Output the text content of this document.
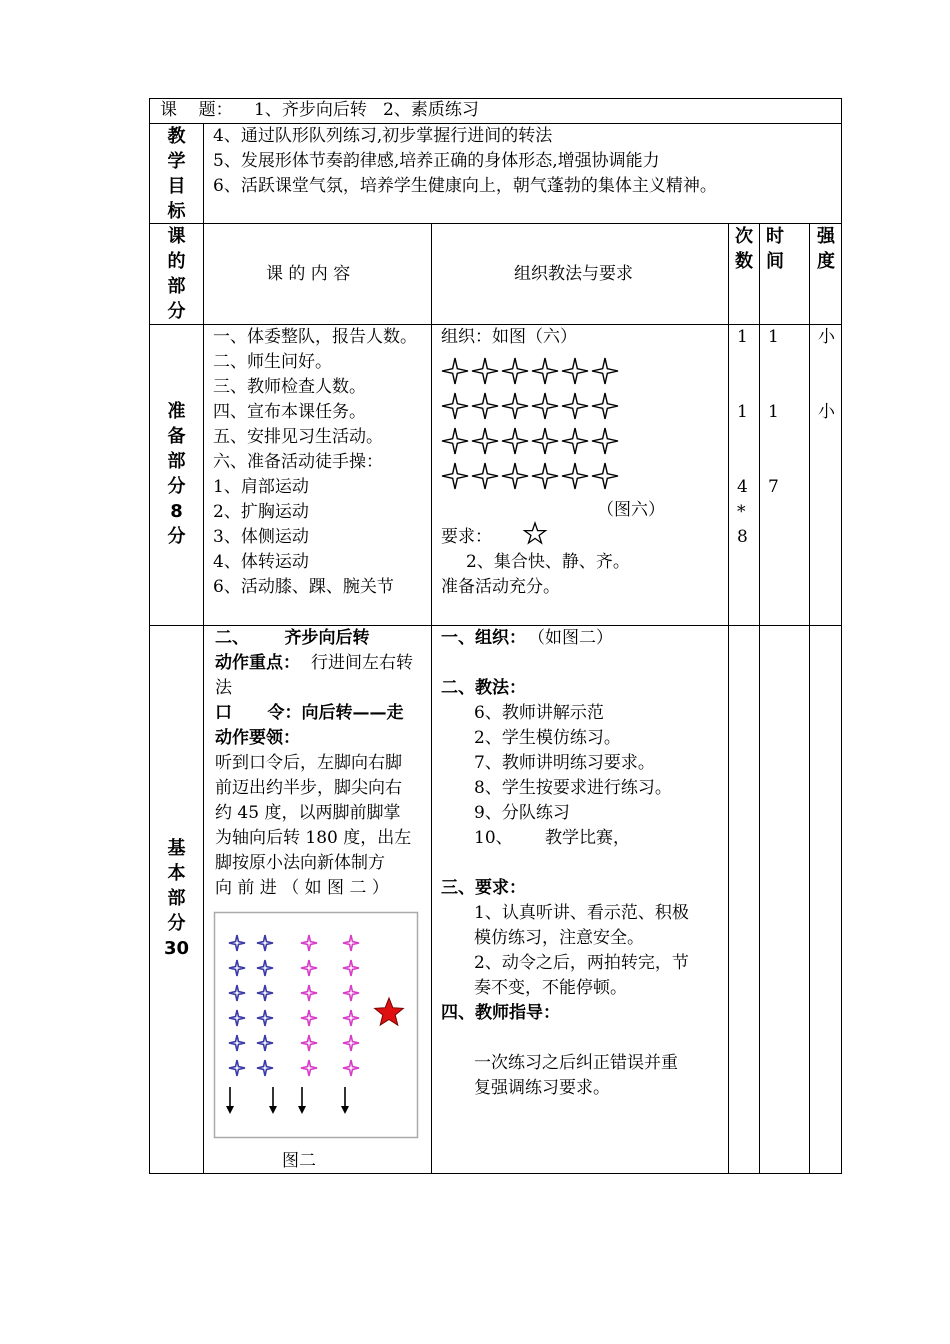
课    题： 1、齐步向后转   2、素质练习
教
学
目
标
4、通过队形队列练习,初步掌握行进间的转法
5、发展形体节奏韵律感,培养正确的身体形态,增强协调能力
6、活跃课堂气氛，培养学生健康向上，朝气蓬勃的集体主义精神。
课
的
部
分
课 的 内 容	组织教法与要求
次
数
时
间
强
度
准
备
部
分
8
分
一、体委整队，报告人数。
二、师生问好。
三、教师检查人数。
四、宣布本课任务。
五、安排见习生活动。
六、准备活动徒手操：
1、肩部运动
2、扩胸运动
3、体侧运动
4、体转运动
6、活动膝、踝、腕关节
组织：如图（六）
（图六）
要求：
2、集合快、静、齐。
准备活动充分。
1
1
4
*
8
1
1
7
小
小
基
本
部
分
30
二、      齐步向后转
动作重点： 行进间左右转
法
口      令：向后转——走
动作要领：
听到口令后，左脚向右脚
前迈出约半步，脚尖向右
约 45 度，以两脚前脚掌
为轴向后转 180 度，出左
脚按原小法向新体制方
向 前 进 （ 如 图 二 ）
图二
一、组织： （如图二）
二、教法：
6、教师讲解示范
2、学生模仿练习。
7、教师讲明练习要求。
8、学生按要求进行练习。
9、分队练习
10、      教学比赛，
三、要求：
1、认真听讲、看示范、积极
模仿练习，注意安全。
2、动令之后，两拍转完，节
奏不变，不能停顿。
四、教师指导：
一次练习之后纠正错误并重
复强调练习要求。
